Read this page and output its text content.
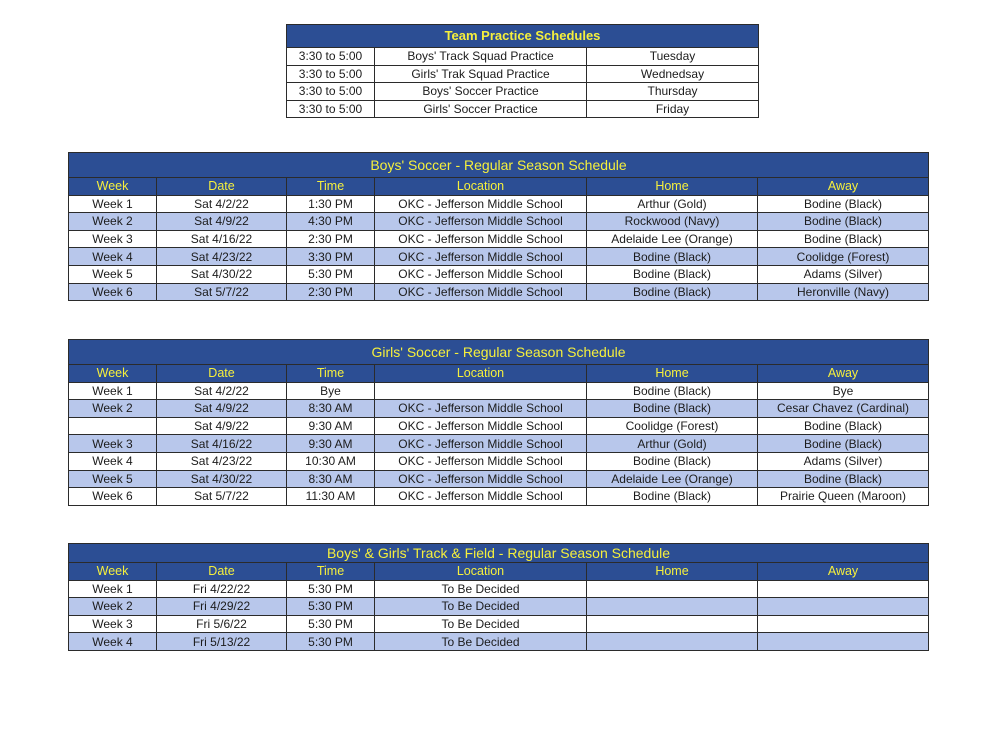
Team Practice Schedules		
3:30 to 5:00	Boys' Track Squad Practice	Tuesday
3:30 to 5:00	Girls' Trak Squad Practice	Wednedsay
3:30 to 5:00	Boys' Soccer Practice	Thursday
3:30 to 5:00	Girls' Soccer Practice	Friday
Boys' Soccer - Regular Season Schedule					
Week	Date	Time	Location	Home	Away
Week 1	Sat 4/2/22	1:30 PM	OKC - Jefferson Middle School	Arthur (Gold)	Bodine (Black)
Week 2	Sat 4/9/22	4:30 PM	OKC - Jefferson Middle School	Rockwood (Navy)	Bodine (Black)
Week 3	Sat 4/16/22	2:30 PM	OKC - Jefferson Middle School	Adelaide Lee (Orange)	Bodine (Black)
Week 4	Sat 4/23/22	3:30 PM	OKC - Jefferson Middle School	Bodine (Black)	Coolidge (Forest)
Week 5	Sat 4/30/22	5:30 PM	OKC - Jefferson Middle School	Bodine (Black)	Adams (Silver)
Week 6	Sat 5/7/22	2:30 PM	OKC - Jefferson Middle School	Bodine (Black)	Heronville (Navy)
Girls' Soccer - Regular Season Schedule					
Week	Date	Time	Location	Home	Away
Week 1	Sat 4/2/22	Bye		Bodine (Black)	Bye
Week 2	Sat 4/9/22	8:30 AM	OKC - Jefferson Middle School	Bodine (Black)	Cesar Chavez (Cardinal)
	Sat 4/9/22	9:30 AM	OKC - Jefferson Middle School	Coolidge (Forest)	Bodine (Black)
Week 3	Sat 4/16/22	9:30 AM	OKC - Jefferson Middle School	Arthur (Gold)	Bodine (Black)
Week 4	Sat 4/23/22	10:30 AM	OKC - Jefferson Middle School	Bodine (Black)	Adams (Silver)
Week 5	Sat 4/30/22	8:30 AM	OKC - Jefferson Middle School	Adelaide Lee (Orange)	Bodine (Black)
Week 6	Sat 5/7/22	11:30 AM	OKC - Jefferson Middle School	Bodine (Black)	Prairie Queen (Maroon)
Boys' & Girls' Track & Field - Regular Season Schedule					
Week	Date	Time	Location	Home	Away
Week 1	Fri 4/22/22	5:30 PM	To Be Decided		
Week 2	Fri 4/29/22	5:30 PM	To Be Decided		
Week 3	Fri 5/6/22	5:30 PM	To Be Decided		
Week 4	Fri 5/13/22	5:30 PM	To Be Decided		
